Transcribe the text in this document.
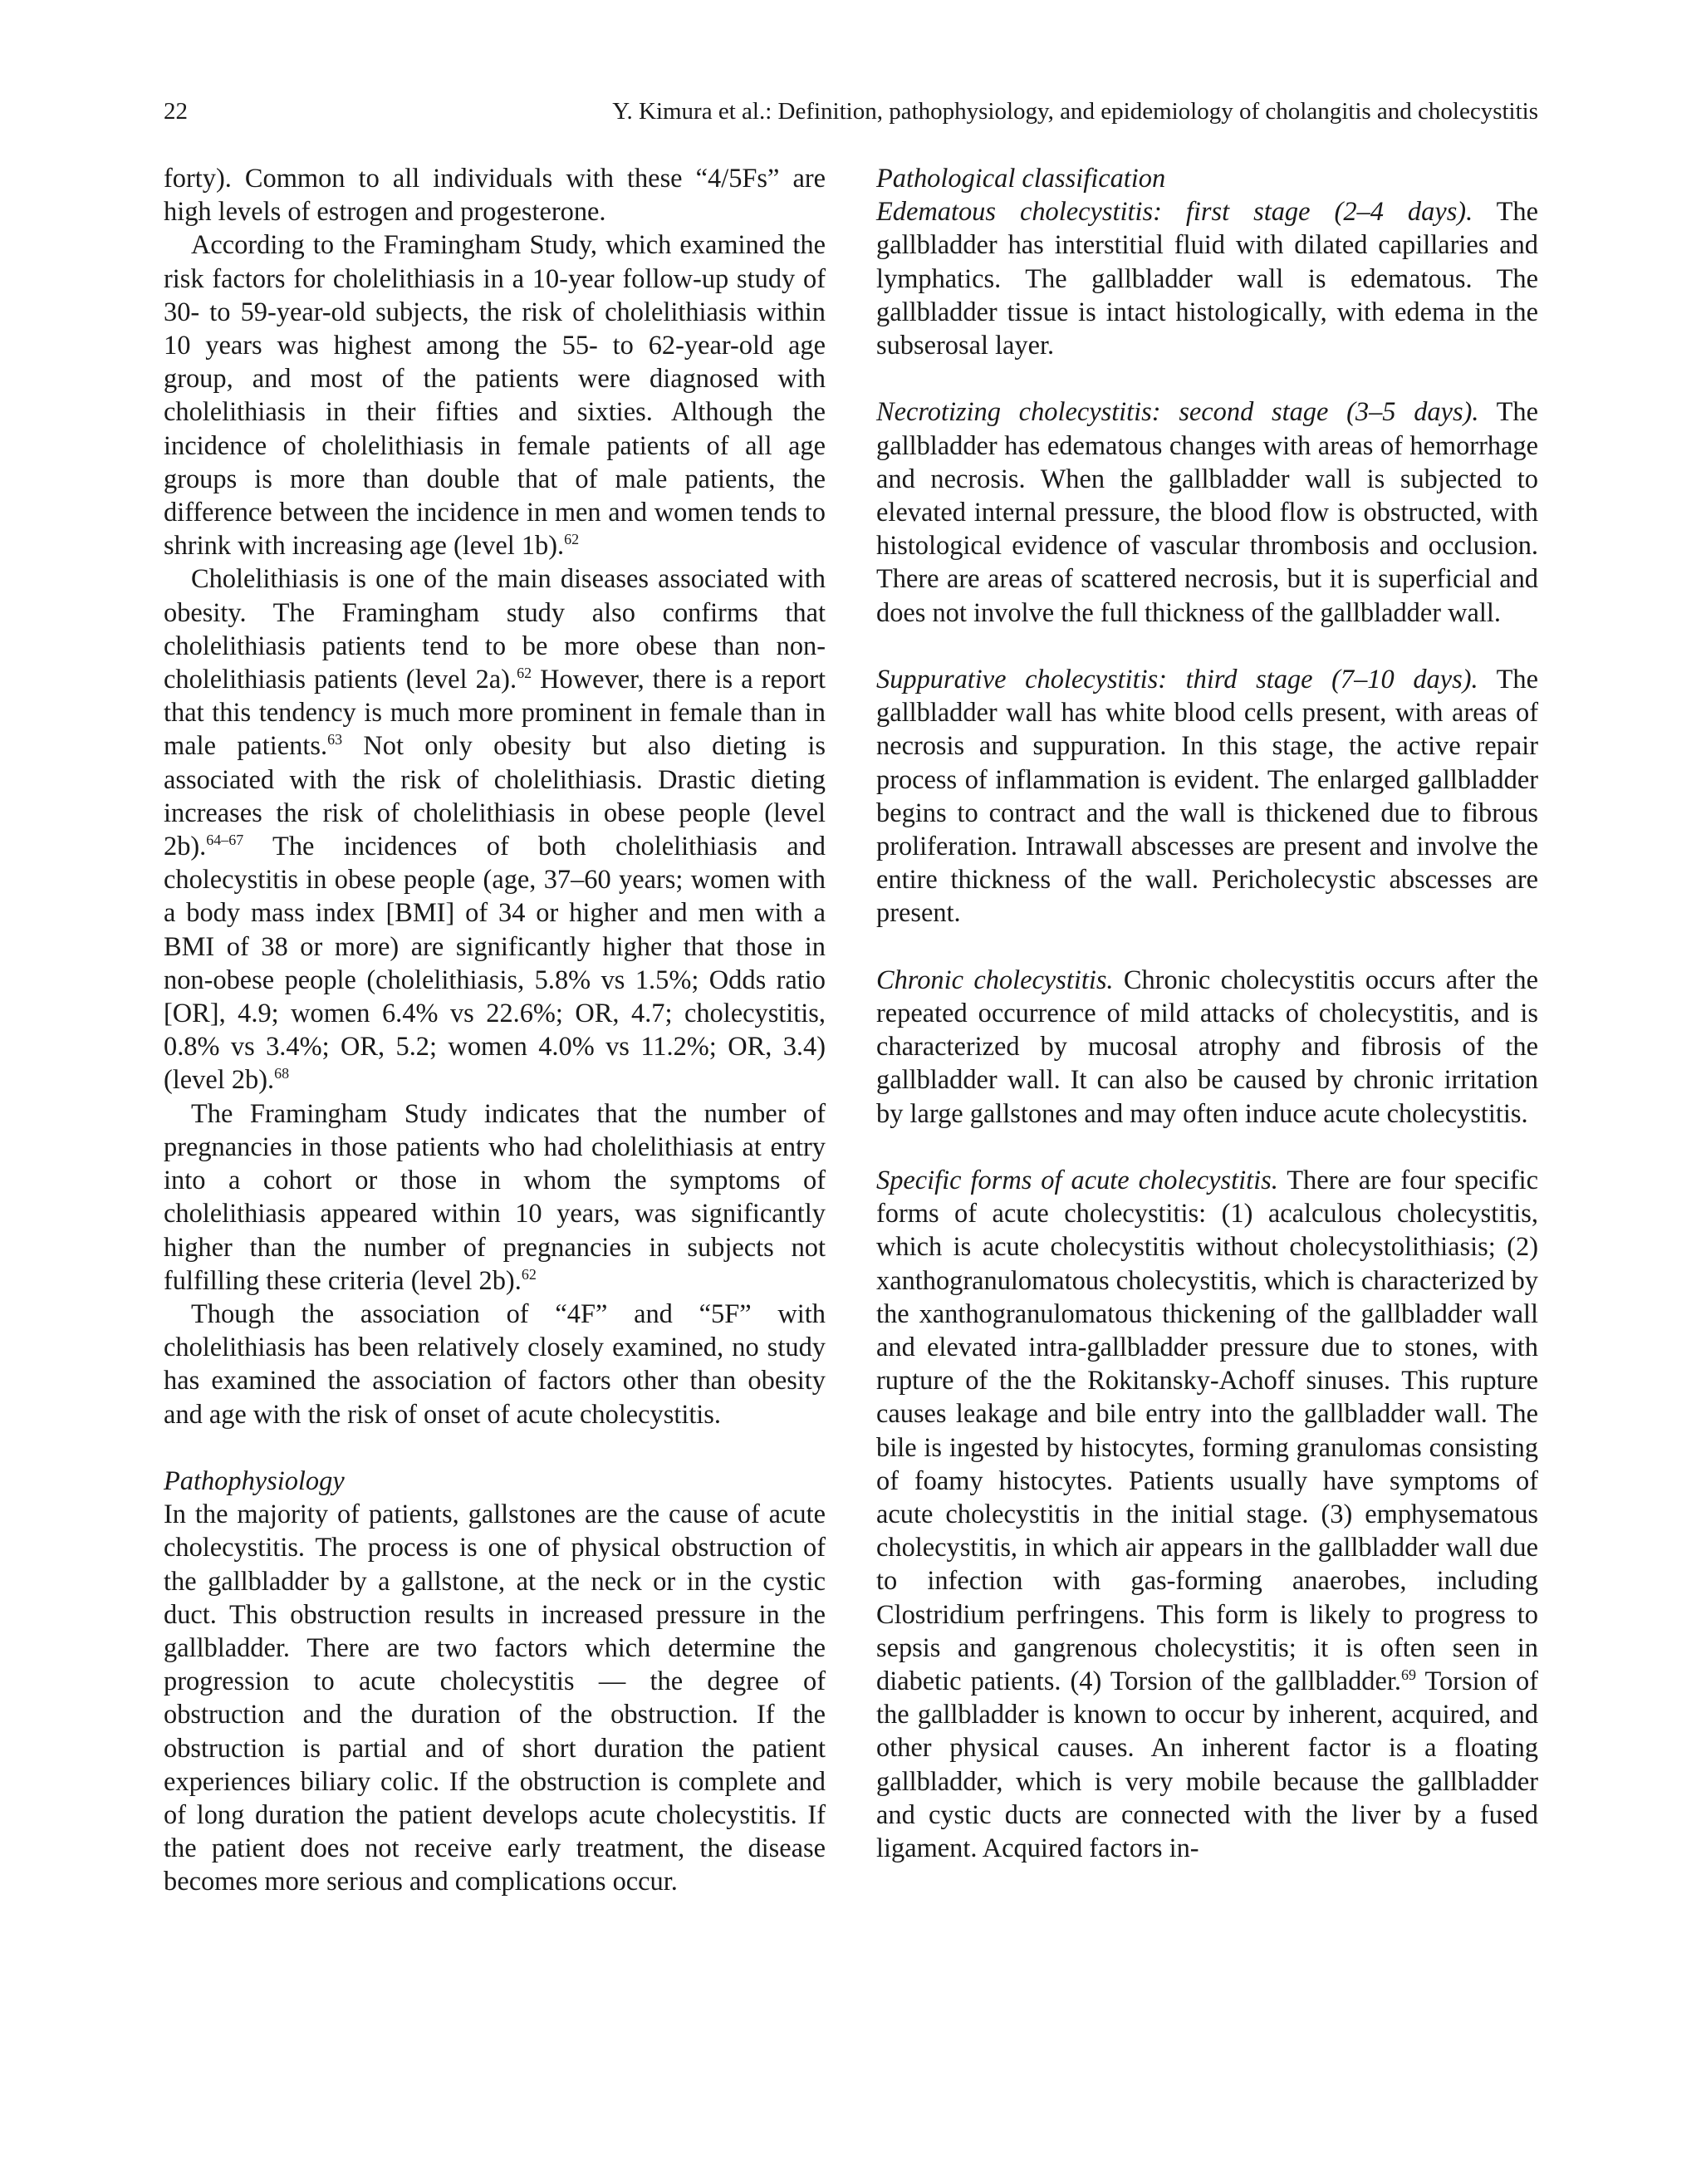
22	Y. Kimura et al.: Definition, pathophysiology, and epidemiology of cholangitis and cholecystitis

forty). Common to all individuals with these “4/5Fs” are high levels of estrogen and progesterone.

According to the Framingham Study, which examined the risk factors for cholelithiasis in a 10-year follow-up study of 30- to 59-year-old subjects, the risk of cholelithiasis within 10 years was highest among the 55- to 62-year-old age group, and most of the patients were diagnosed with cholelithiasis in their fifties and sixties. Although the incidence of cholelithiasis in female patients of all age groups is more than double that of male patients, the difference between the incidence in men and women tends to shrink with increasing age (level 1b).$^{62}$

Cholelithiasis is one of the main diseases associated with obesity. The Framingham study also confirms that cholelithiasis patients tend to be more obese than non-cholelithiasis patients (level 2a).$^{62}$ However, there is a report that this tendency is much more prominent in female than in male patients.$^{63}$ Not only obesity but also dieting is associated with the risk of cholelithiasis. Drastic dieting increases the risk of cholelithiasis in obese people (level 2b).$^{64-67}$ The incidences of both cholelithiasis and cholecystitis in obese people (age, 37–60 years; women with a body mass index [BMI] of 34 or higher and men with a BMI of 38 or more) are significantly higher that those in non-obese people (cholelithiasis, 5.8% vs 1.5%; Odds ratio [OR], 4.9; women 6.4% vs 22.6%; OR, 4.7; cholecystitis, 0.8% vs 3.4%; OR, 5.2; women 4.0% vs 11.2%; OR, 3.4) (level 2b).$^{68}$

The Framingham Study indicates that the number of pregnancies in those patients who had cholelithiasis at entry into a cohort or those in whom the symptoms of cholelithiasis appeared within 10 years, was significantly higher than the number of pregnancies in subjects not fulfilling these criteria (level 2b).$^{62}$

Though the association of “4F” and “5F” with cholelithiasis has been relatively closely examined, no study has examined the association of factors other than obesity and age with the risk of onset of acute cholecystitis.

Pathophysiology

In the majority of patients, gallstones are the cause of acute cholecystitis. The process is one of physical obstruction of the gallbladder by a gallstone, at the neck or in the cystic duct. This obstruction results in increased pressure in the gallbladder. There are two factors which determine the progression to acute cholecystitis — the degree of obstruction and the duration of the obstruction. If the obstruction is partial and of short duration the patient experiences biliary colic. If the obstruction is complete and of long duration the patient develops acute cholecystitis. If the patient does not receive early treatment, the disease becomes more serious and complications occur.

Pathological classification

Edematous cholecystitis: first stage (2–4 days). The gallbladder has interstitial fluid with dilated capillaries and lymphatics. The gallbladder wall is edematous. The gallbladder tissue is intact histologically, with edema in the subserosal layer.

Necrotizing cholecystitis: second stage (3–5 days). The gallbladder has edematous changes with areas of hemorrhage and necrosis. When the gallbladder wall is subjected to elevated internal pressure, the blood flow is obstructed, with histological evidence of vascular thrombosis and occlusion. There are areas of scattered necrosis, but it is superficial and does not involve the full thickness of the gallbladder wall.

Suppurative cholecystitis: third stage (7–10 days). The gallbladder wall has white blood cells present, with areas of necrosis and suppuration. In this stage, the active repair process of inflammation is evident. The enlarged gallbladder begins to contract and the wall is thickened due to fibrous proliferation. Intrawall abscesses are present and involve the entire thickness of the wall. Pericholecystic abscesses are present.

Chronic cholecystitis. Chronic cholecystitis occurs after the repeated occurrence of mild attacks of cholecystitis, and is characterized by mucosal atrophy and fibrosis of the gallbladder wall. It can also be caused by chronic irritation by large gallstones and may often induce acute cholecystitis.

Specific forms of acute cholecystitis. There are four specific forms of acute cholecystitis: (1) acalculous cholecystitis, which is acute cholecystitis without cholecystolithiasis; (2) xanthogranulomatous cholecystitis, which is characterized by the xanthogranulomatous thickening of the gallbladder wall and elevated intra-gallbladder pressure due to stones, with rupture of the the Rokitansky-Achoff sinuses. This rupture causes leakage and bile entry into the gallbladder wall. The bile is ingested by histocytes, forming granulomas consisting of foamy histocytes. Patients usually have symptoms of acute cholecystitis in the initial stage. (3) emphysematous cholecystitis, in which air appears in the gallbladder wall due to infection with gas-forming anaerobes, including Clostridium perfringens. This form is likely to progress to sepsis and gangrenous cholecystitis; it is often seen in diabetic patients. (4) Torsion of the gallbladder.$^{69}$ Torsion of the gallbladder is known to occur by inherent, acquired, and other physical causes. An inherent factor is a floating gallbladder, which is very mobile because the gallbladder and cystic ducts are connected with the liver by a fused ligament. Acquired factors in-
